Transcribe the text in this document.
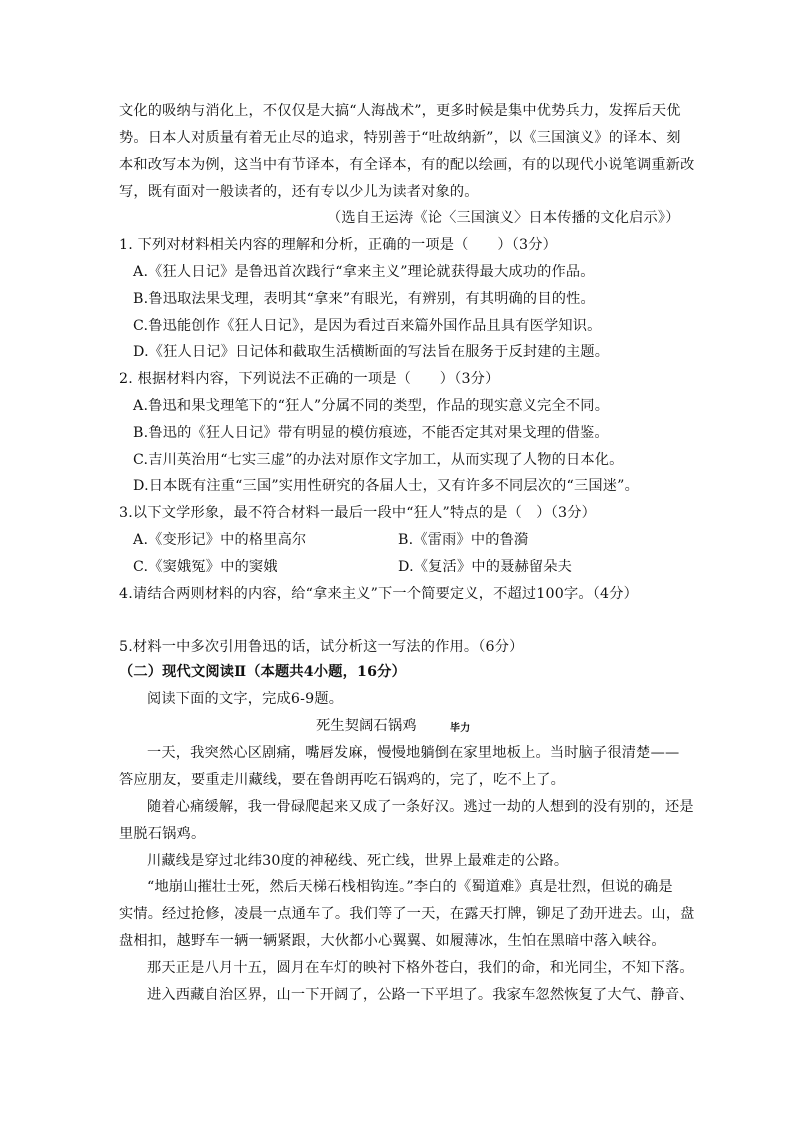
文化的吸纳与消化上，不仅仅是大搞“人海战术”，更多时候是集中优势兵力，发挥后天优
势。日本人对质量有着无止尽的追求，特别善于“吐故纳新”，以《三国演义》的译本、刻
本和改写本为例，这当中有节译本，有全译本，有的配以绘画，有的以现代小说笔调重新改
写，既有面对一般读者的，还有专以少儿为读者对象的。
（选自王运涛《论〈三国演义〉日本传播的文化启示》）
1. 下列对材料相关内容的理解和分析，正确的一项是（　　）（3分）
A.《狂人日记》是鲁迅首次践行“拿来主义”理论就获得最大成功的作品。
B.鲁迅取法果戈理，表明其“拿来”有眼光，有辨别，有其明确的目的性。
C.鲁迅能创作《狂人日记》，是因为看过百来篇外国作品且具有医学知识。
D.《狂人日记》日记体和截取生活横断面的写法旨在服务于反封建的主题。
2. 根据材料内容，下列说法不正确的一项是（　　）（3分）
A.鲁迅和果戈理笔下的“狂人”分属不同的类型，作品的现实意义完全不同。
B.鲁迅的《狂人日记》带有明显的模仿痕迹，不能否定其对果戈理的借鉴。
C.吉川英治用“七实三虚”的办法对原作文字加工，从而实现了人物的日本化。
D.日本既有注重“三国”实用性研究的各届人士，又有许多不同层次的“三国迷”。
3.以下文学形象，最不符合材料一最后一段中“狂人”特点的是（　）（3分）
A.《变形记》中的格里高尔	B.《雷雨》中的鲁漪
C.《窦娥冤》中的窦娥	D.《复活》中的聂赫留朵夫
4.请结合两则材料的内容，给“拿来主义”下一个简要定义，不超过100字。（4分）
5.材料一中多次引用鲁迅的话，试分析这一写法的作用。（6分）
（二）现代文阅读Ⅱ（本题共4小题，16分）
阅读下面的文字，完成6-9题。
死生契阔石锅鸡	毕力
一天，我突然心区剧痛，嘴唇发麻，慢慢地躺倒在家里地板上。当时脑子很清楚——
答应朋友，要重走川藏线，要在鲁朗再吃石锅鸡的，完了，吃不上了。
随着心痛缓解，我一骨碌爬起来又成了一条好汉。逃过一劫的人想到的没有别的，还是
里脱石锅鸡。
川藏线是穿过北纬30度的神秘线、死亡线，世界上最难走的公路。
“地崩山摧壮士死，然后天梯石栈相钩连。”李白的《蜀道难》真是壮烈，但说的确是
实情。经过抢修，凌晨一点通车了。我们等了一天，在露天打牌，铆足了劲开进去。山，盘
盘相扣，越野车一辆一辆紧跟，大伙都小心翼翼、如履薄冰，生怕在黑暗中落入峡谷。
那天正是八月十五，圆月在车灯的映衬下格外苍白，我们的命，和光同尘，不知下落。
进入西藏自治区界，山一下开阔了，公路一下平坦了。我家车忽然恢复了大气、静音、
